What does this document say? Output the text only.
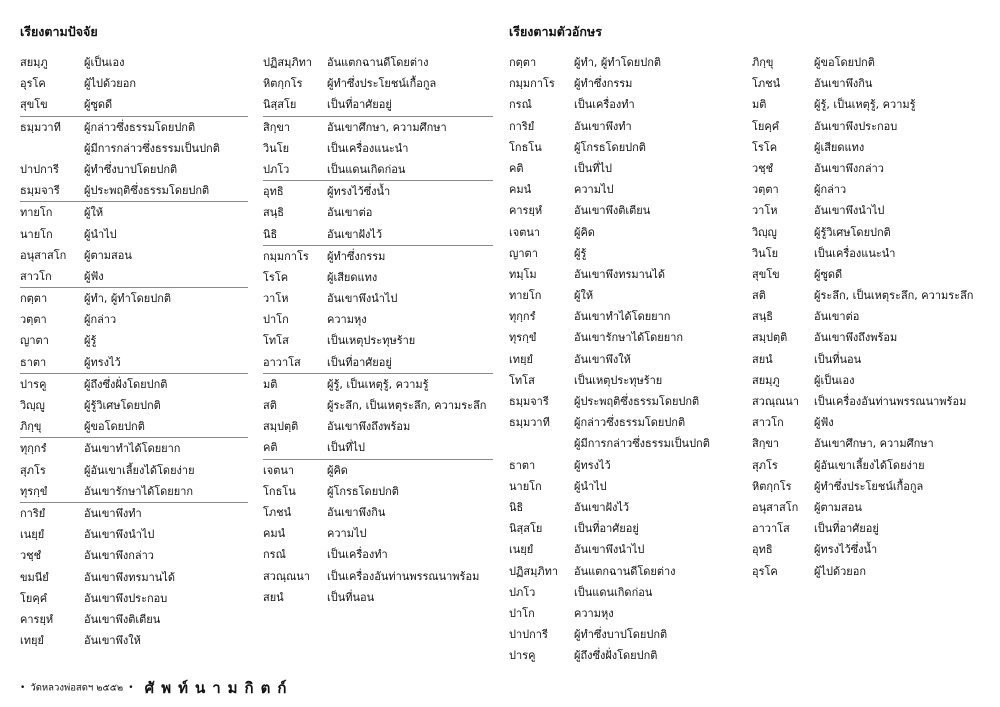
เรียงตามปัจจัย	เรียงตามตัวอักษร
สยมฺภู	ผู้เป็นเอง
อุรโค	ผู้ไปด้วยอก
สุขโข	ผู้ซูดดี
ธมฺมวาที ผู้กล่าวซึ่งธรรมโดยปกติ
ผู้มีการกล่าวซึ่งธรรมเป็นปกติ
ปาปการี ผู้ทำซึ่งบาปโดยปกติ
ธมฺมจารี ผู้ประพฤติซึ่งธรรมโดยปกติ
ทายโก	ผู้ให้
นายโก	ผู้นำไป
อนุสาสโก ผู้ตามสอน
สาวโก	ผู้ฟัง
กตฺตา	ผู้ทำ, ผู้ทำโดยปกติ
วตฺตา	ผู้กล่าว
ญาตา	ผู้รู้
ธาตา	ผู้ทรงไว้
ปารคู	ผู้ถึงซึ่งฝั่งโดยปกติ
วิญฺญู	ผู้รู้วิเศษโดยปกติ
ภิกฺขุ	ผู้ขอโดยปกติ
ทุกฺกรํ	อันเขาทำได้โดยยาก
สุภโร	ผู้อันเขาเลี้ยงได้โดยง่าย
ทุรกฺขํ	อันเขารักษาได้โดยยาก
การิยํ	อันเขาพึงทำ
เนยฺยํ	อันเขาพึงนำไป
วชฺชํ	อันเขาพึงกล่าว
ขมนียํ	อันเขาพึงทรมานได้
โยคฺคํ	อันเขาพึงประกอบ
คารยฺหํ	อันเขาพึงติเตียน
เทยฺยํ	อันเขาพึงให้
ปฏิสมฺภิทา อันแตกฉานดีโดยต่าง
หิตกฺกโร ผู้ทำซึ่งประโยชน์เกื้อกูล
นิสฺสโย	เป็นที่อาศัยอยู่
สิกฺขา	อันเขาศึกษา, ความศึกษา
วินโย	เป็นเครื่องแนะนำ
ปภโว	เป็นแดนเกิดก่อน
อุทธิ	ผู้ทรงไว้ซึ่งน้ำ
สนฺธิ	อันเขาต่อ
นิธิ	อันเขาฝังไว้
กมฺมกาโร ผู้ทำซึ่งกรรม
โรโค	ผู้เสียดแทง
วาโห	อันเขาพึงนำไป
ปาโก	ความหุง
โทโส	เป็นเหตุประทุษร้าย
อาวาโส เป็นที่อาศัยอยู่
มติ	ผู้รู้, เป็นเหตุรู้, ความรู้
สติ	ผู้ระลึก, เป็นเหตุระลึก, ความระลึก
สมฺปตฺติ	อันเขาพึงถึงพร้อม
คติ	เป็นที่ไป
เจตนา	ผู้คิด
โกธโน	ผู้โกรธโดยปกติ
โภชนํ	อันเขาพึงกิน
คมนํ	ความไป
กรณํ	เป็นเครื่องทำ
สวณฺณนา เป็นเครื่องอันท่านพรรณนาพร้อม
สยนํ	เป็นที่นอน
กตฺตา	ผู้ทำ, ผู้ทำโดยปกติ
กมฺมกาโร ผู้ทำซึ่งกรรม
กรณํ	เป็นเครื่องทำ
การิยํ	อันเขาพึงทำ
โกธโน	ผู้โกรธโดยปกติ
คติ	เป็นที่ไป
คมนํ	ความไป
คารยฺหํ	อันเขาพึงติเตียน
เจตนา	ผู้คิด
ญาตา	ผู้รู้
ทมฺโม	อันเขาพึงทรมานได้
ทายโก	ผู้ให้
ทุกฺกรํ	อันเขาทำได้โดยยาก
ทุรกฺขํ	อันเขารักษาได้โดยยาก
เทยฺยํ	อันเขาพึงให้
โทโส	เป็นเหตุประทุษร้าย
ธมฺมจารี ผู้ประพฤติซึ่งธรรมโดยปกติ
ธมฺมวาที ผู้กล่าวซึ่งธรรมโดยปกติ
ผู้มีการกล่าวซึ่งธรรมเป็นปกติ
ธาตา	ผู้ทรงไว้
นายโก	ผู้นำไป
นิธิ	อันเขาฝังไว้
นิสฺสโย	เป็นที่อาศัยอยู่
เนยฺยํ	อันเขาพึงนำไป
ปฏิสมฺภิทา อันแตกฉานดีโดยต่าง
ปภโว	เป็นแดนเกิดก่อน
ปาโก	ความหุง
ปาปการี ผู้ทำซึ่งบาปโดยปกติ
ปารคู	ผู้ถึงซึ่งฝั่งโดยปกติ
ภิกฺขุ	ผู้ขอโดยปกติ
โภชนํ	อันเขาพึงกิน
มติ	ผู้รู้, เป็นเหตุรู้, ความรู้
โยคฺคํ	อันเขาพึงประกอบ
โรโค	ผู้เสียดแทง
วชฺชํ	อันเขาพึงกล่าว
วตฺตา	ผู้กล่าว
วาโห	อันเขาพึงนำไป
วิญฺญู	ผู้รู้วิเศษโดยปกติ
วินโย	เป็นเครื่องแนะนำ
สุขโข	ผู้ซูดดี
สติ	ผู้ระลึก, เป็นเหตุระลึก, ความระลึก
สนฺธิ	อันเขาต่อ
สมฺปตฺติ อันเขาพึงถึงพร้อม
สยนํ	เป็นที่นอน
สยมฺภู	ผู้เป็นเอง
สวณฺณนา เป็นเครื่องอันท่านพรรณนาพร้อม
สาวโก	ผู้ฟัง
สิกฺขา	อันเขาศึกษา, ความศึกษา
สุภโร	ผู้อันเขาเลี้ยงได้โดยง่าย
หิตกฺกโร ผู้ทำซึ่งประโยชน์เกื้อกูล
อนุสาสโก ผู้ตามสอน
อาวาโส เป็นที่อาศัยอยู่
อุทธิ	ผู้ทรงไว้ซึ่งน้ำ
อุรโค	ผู้ไปด้วยอก
• วัดหลวงพ่อสดฯ ๒๕๕๒ • ศัพท์นามกิตก์
